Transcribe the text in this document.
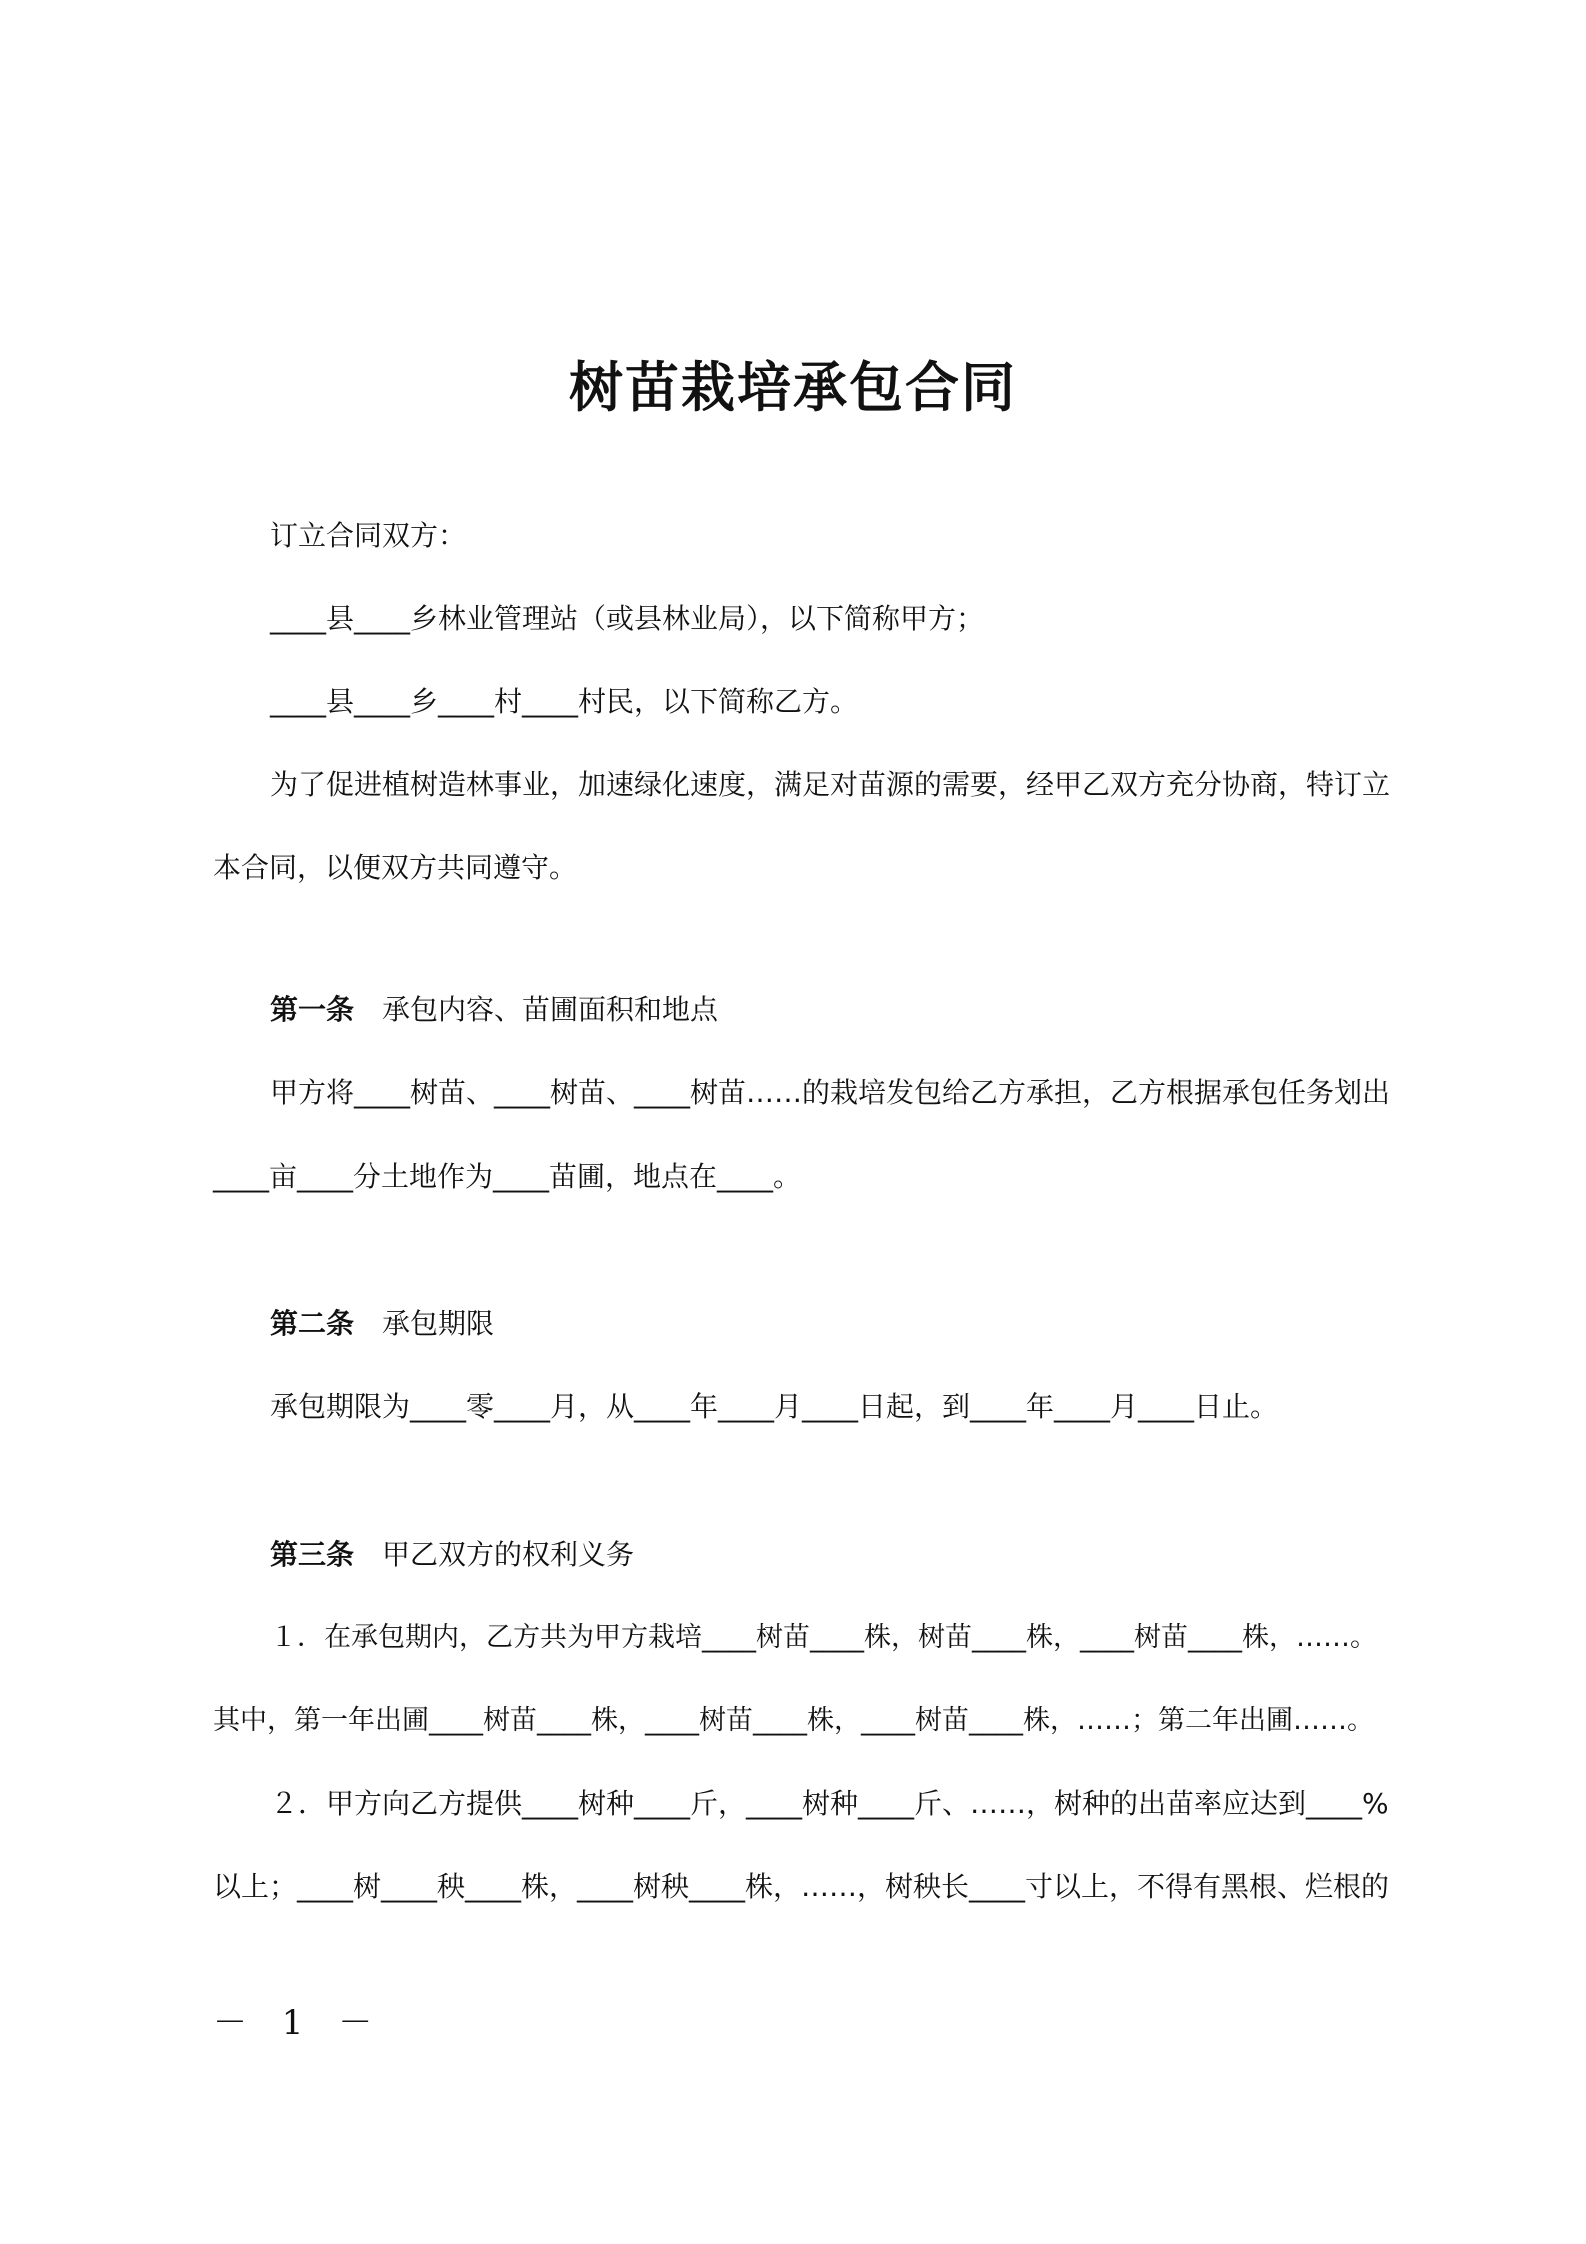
树苗栽培承包合同
订立合同双方：
____县____乡林业管理站（或县林业局），以下简称甲方；
____县____乡____村____村民，以下简称乙方。
为了促进植树造林事业，加速绿化速度，满足对苗源的需要，经甲乙双方充分协商，特订立
本合同，以便双方共同遵守。
第一条 承包内容、苗圃面积和地点
甲方将____树苗、____树苗、____树苗……的栽培发包给乙方承担，乙方根据承包任务划出
____亩____分土地作为____苗圃，地点在____。
第二条 承包期限
承包期限为____零____月，从____年____月____日起，到____年____月____日止。
第三条 甲乙双方的权利义务
１．在承包期内，乙方共为甲方栽培____树苗____株，树苗____株，____树苗____株，……。
其中，第一年出圃____树苗____株，____树苗____株，____树苗____株，……；第二年出圃……。
２．甲方向乙方提供____树种____斤，____树种____斤、……，树种的出苗率应达到____%
以上；____树____秧____株，____树秧____株，……，树秧长____寸以上，不得有黑根、烂根的
－ 1 －
